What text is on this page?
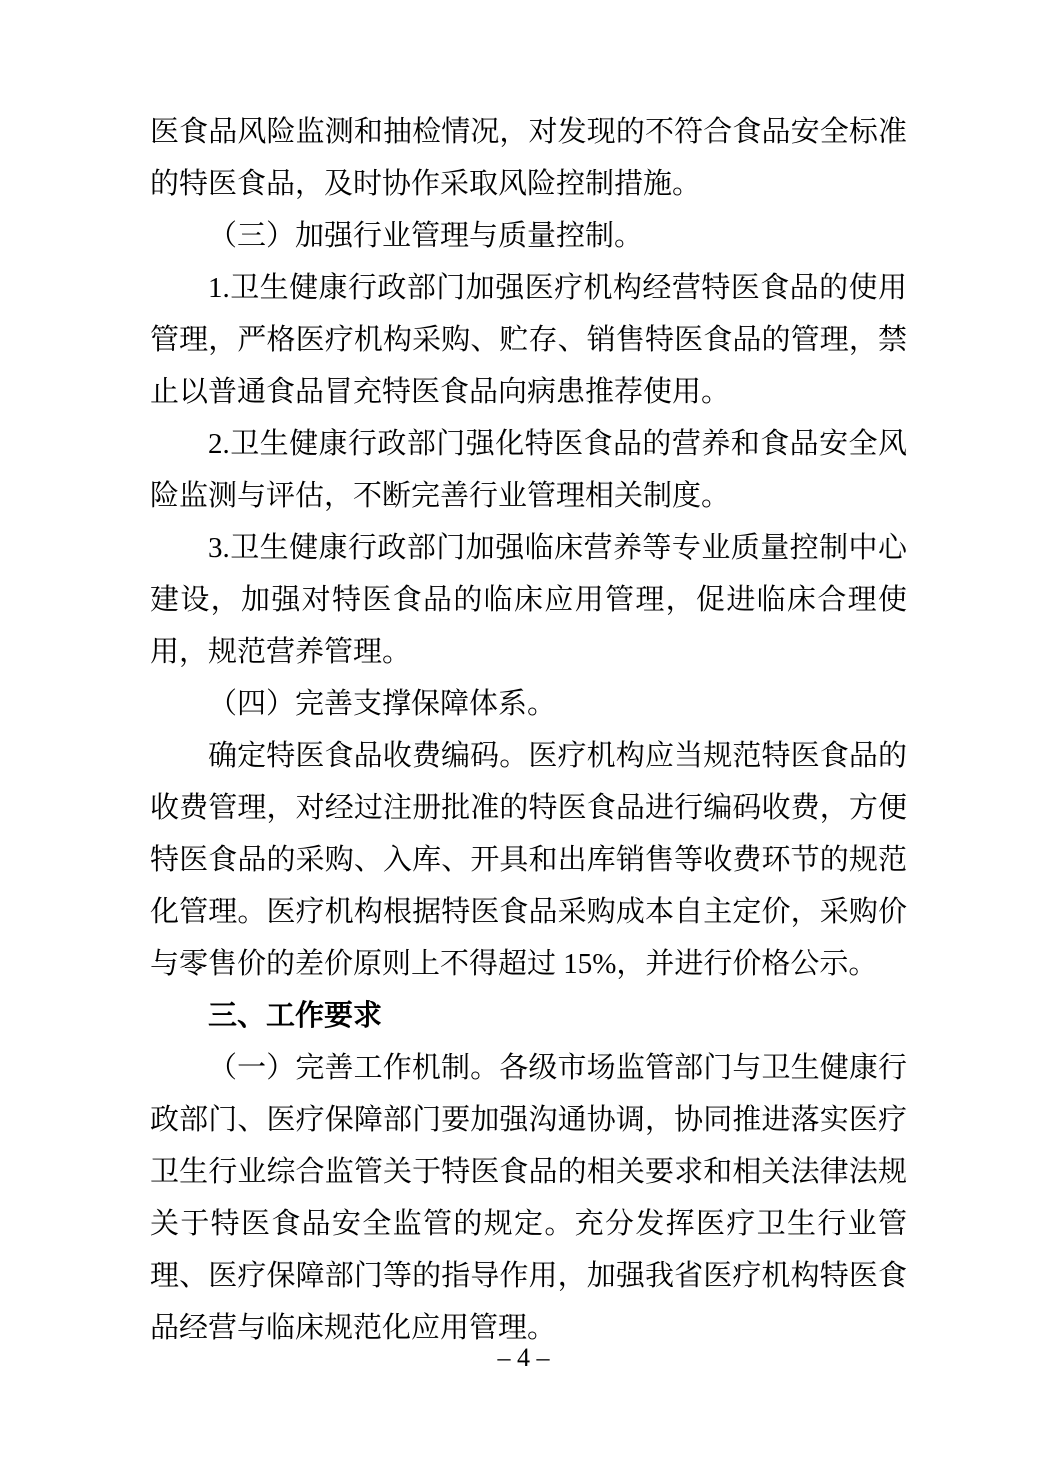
医食品风险监测和抽检情况，对发现的不符合食品安全标准的特医食品，及时协作采取风险控制措施。

（三）加强行业管理与质量控制。

1.卫生健康行政部门加强医疗机构经营特医食品的使用管理，严格医疗机构采购、贮存、销售特医食品的管理，禁止以普通食品冒充特医食品向病患推荐使用。

2.卫生健康行政部门强化特医食品的营养和食品安全风险监测与评估，不断完善行业管理相关制度。

3.卫生健康行政部门加强临床营养等专业质量控制中心建设，加强对特医食品的临床应用管理，促进临床合理使用，规范营养管理。

（四）完善支撑保障体系。

确定特医食品收费编码。医疗机构应当规范特医食品的收费管理，对经过注册批准的特医食品进行编码收费，方便特医食品的采购、入库、开具和出库销售等收费环节的规范化管理。医疗机构根据特医食品采购成本自主定价，采购价与零售价的差价原则上不得超过 15%，并进行价格公示。

三、工作要求

（一）完善工作机制。各级市场监管部门与卫生健康行政部门、医疗保障部门要加强沟通协调，协同推进落实医疗卫生行业综合监管关于特医食品的相关要求和相关法律法规关于特医食品安全监管的规定。充分发挥医疗卫生行业管理、医疗保障部门等的指导作用，加强我省医疗机构特医食品经营与临床规范化应用管理。

– 4 –
